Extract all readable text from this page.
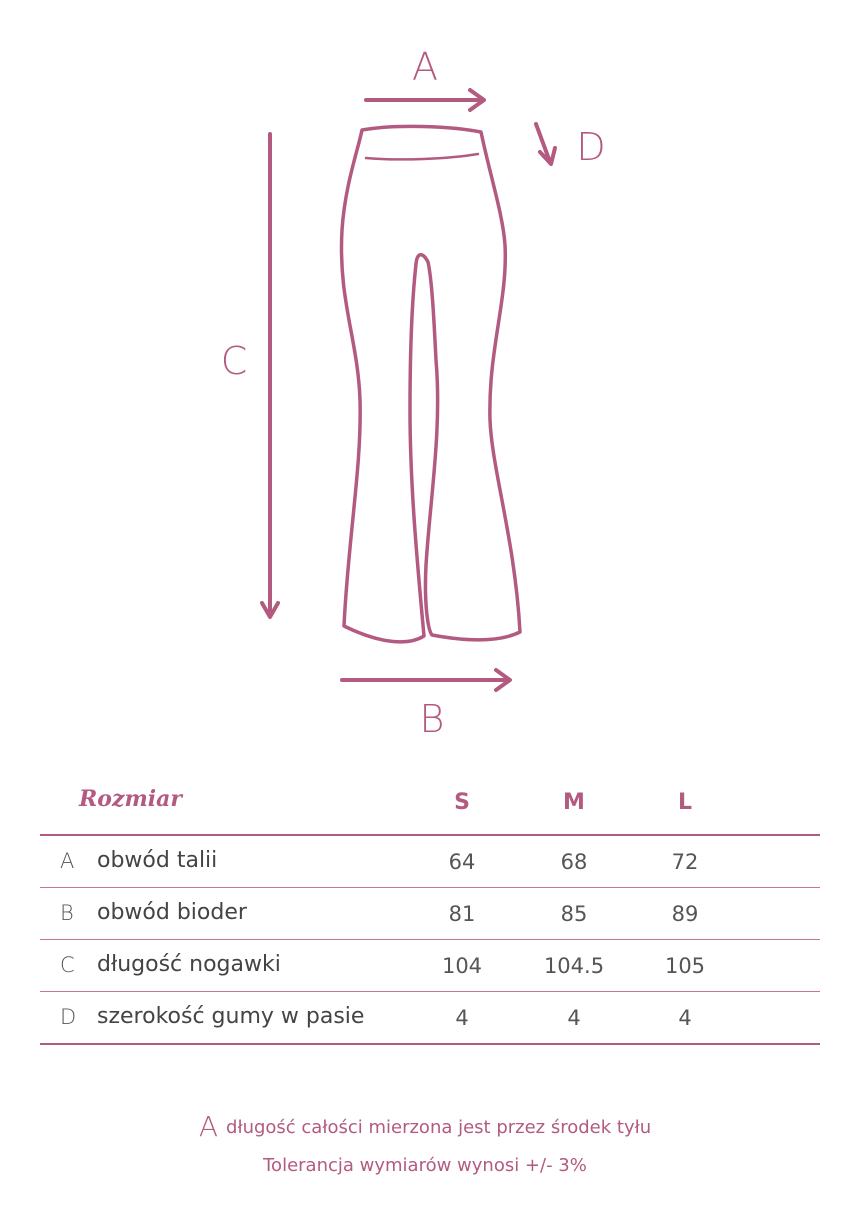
A
D
C
B
Rozmiar	S	M	L
A obwód talii	64	68	72
B obwód bioder	81	85	89
C długość nogawki	104	104.5	105
D szerokość gumy w pasie	4	4	4
Adługość całości mierzona jest przez środek tyłu
Tolerancja wymiarów wynosi +/- 3%
